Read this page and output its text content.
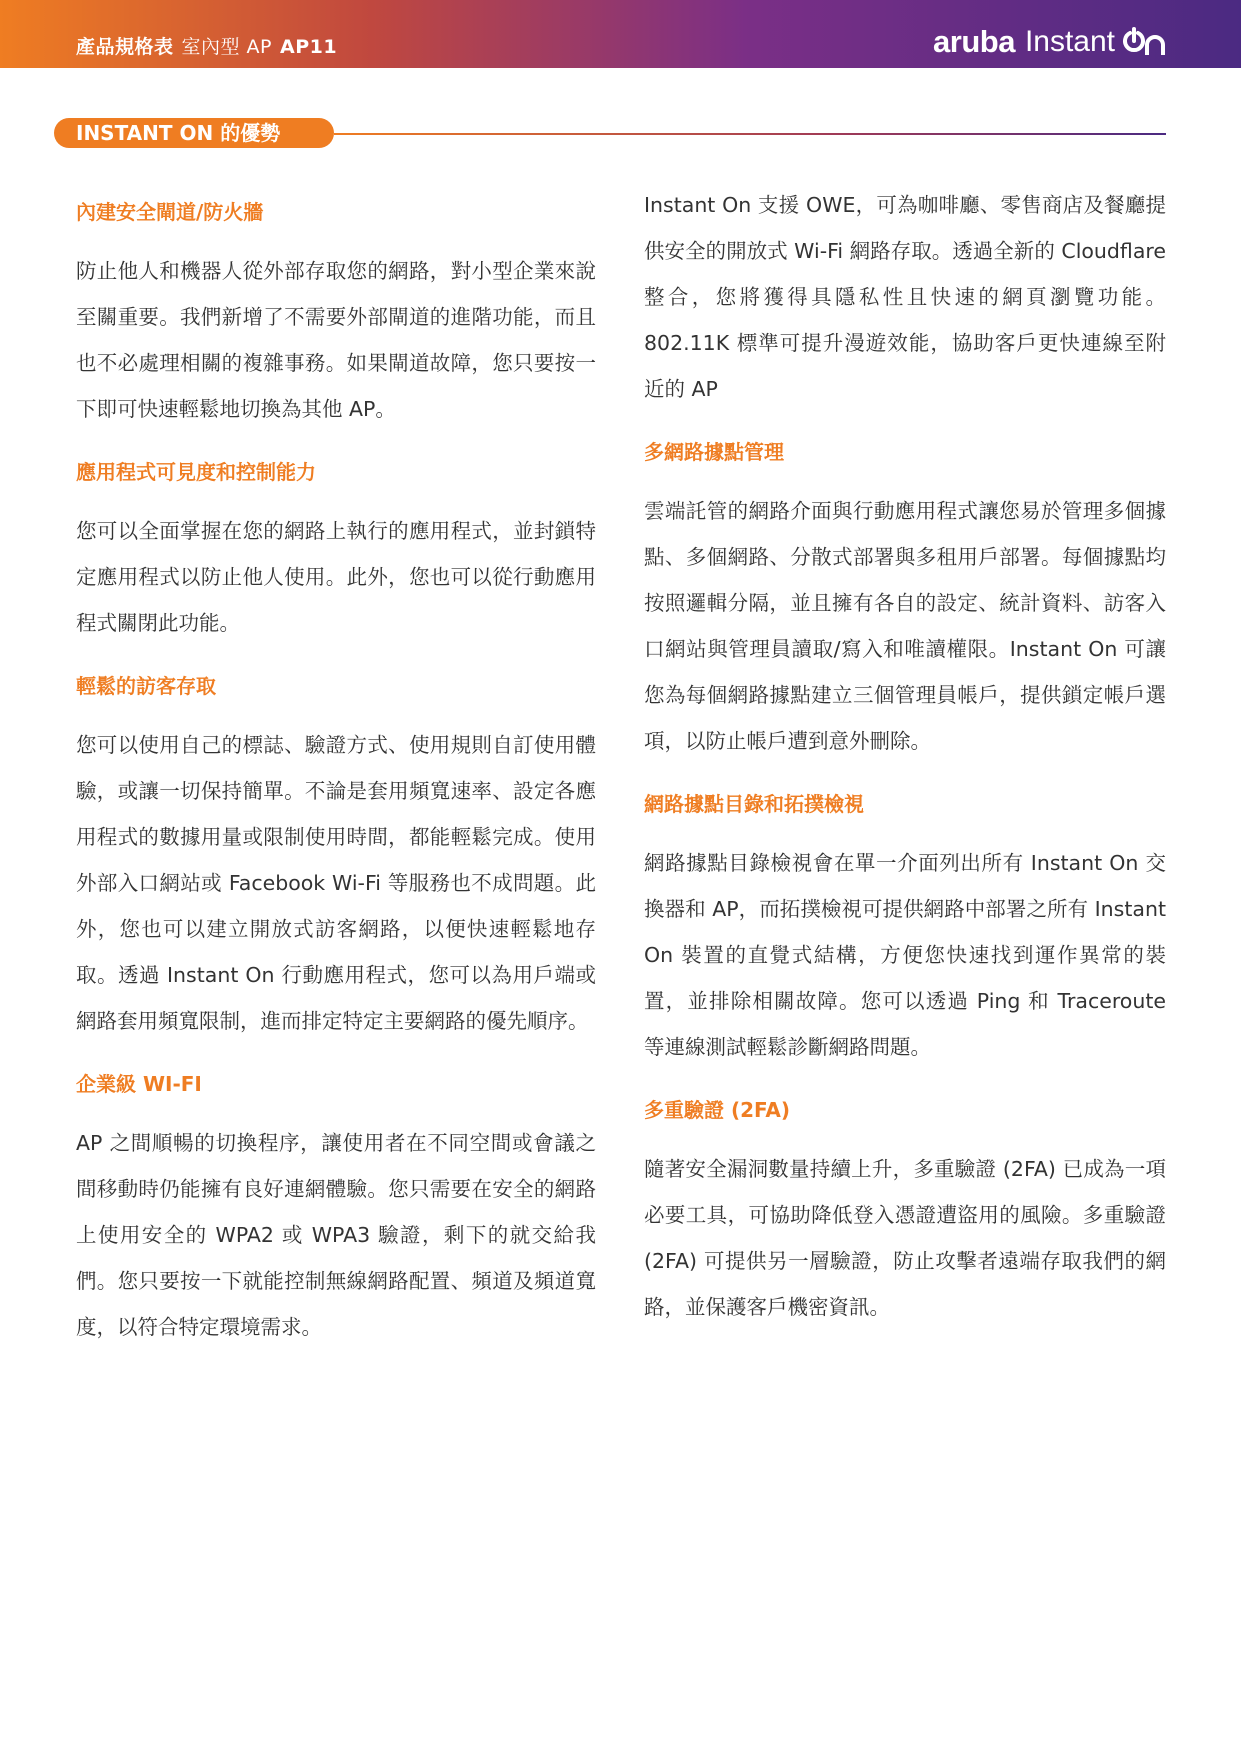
產品規格表 室內型 AP AP11	aruba Instant
INSTANT ON 的優勢
內建安全閘道/防火牆

防止他人和機器人從外部存取您的網路，對小型企業來說至關重要。我們新增了不需要外部閘道的進階功能，而且也不必處理相關的複雜事務。如果閘道故障，您只要按一下即可快速輕鬆地切換為其他 AP。

應用程式可見度和控制能力

您可以全面掌握在您的網路上執行的應用程式，並封鎖特定應用程式以防止他人使用。此外，您也可以從行動應用程式關閉此功能。

輕鬆的訪客存取

您可以使用自己的標誌、驗證方式、使用規則自訂使用體驗，或讓一切保持簡單。不論是套用頻寬速率、設定各應用程式的數據用量或限制使用時間，都能輕鬆完成。使用外部入口網站或 Facebook Wi-Fi 等服務也不成問題。此外，您也可以建立開放式訪客網路，以便快速輕鬆地存取。透過 Instant On 行動應用程式，您可以為用戶端或網路套用頻寬限制，進而排定特定主要網路的優先順序。

企業級 WI-FI

AP 之間順暢的切換程序，讓使用者在不同空間或會議之間移動時仍能擁有良好連網體驗。您只需要在安全的網路上使用安全的 WPA2 或 WPA3 驗證，剩下的就交給我們。您只要按一下就能控制無線網路配置、頻道及頻道寬度，以符合特定環境需求。

Instant On 支援 OWE，可為咖啡廳、零售商店及餐廳提供安全的開放式 Wi-Fi 網路存取。透過全新的 Cloudflare 整合，您將獲得具隱私性且快速的網頁瀏覽功能。802.11K 標準可提升漫遊效能，協助客戶更快連線至附近的 AP

多網路據點管理

雲端託管的網路介面與行動應用程式讓您易於管理多個據點、多個網路、分散式部署與多租用戶部署。每個據點均按照邏輯分隔，並且擁有各自的設定、統計資料、訪客入口網站與管理員讀取/寫入和唯讀權限。Instant On 可讓您為每個網路據點建立三個管理員帳戶，提供鎖定帳戶選項，以防止帳戶遭到意外刪除。

網路據點目錄和拓撲檢視

網路據點目錄檢視會在單一介面列出所有 Instant On 交換器和 AP，而拓撲檢視可提供網路中部署之所有 Instant On 裝置的直覺式結構，方便您快速找到運作異常的裝置，並排除相關故障。您可以透過 Ping 和 Traceroute 等連線測試輕鬆診斷網路問題。

多重驗證 (2FA)

隨著安全漏洞數量持續上升，多重驗證 (2FA) 已成為一項必要工具，可協助降低登入憑證遭盜用的風險。多重驗證 (2FA) 可提供另一層驗證，防止攻擊者遠端存取我們的網路，並保護客戶機密資訊。
